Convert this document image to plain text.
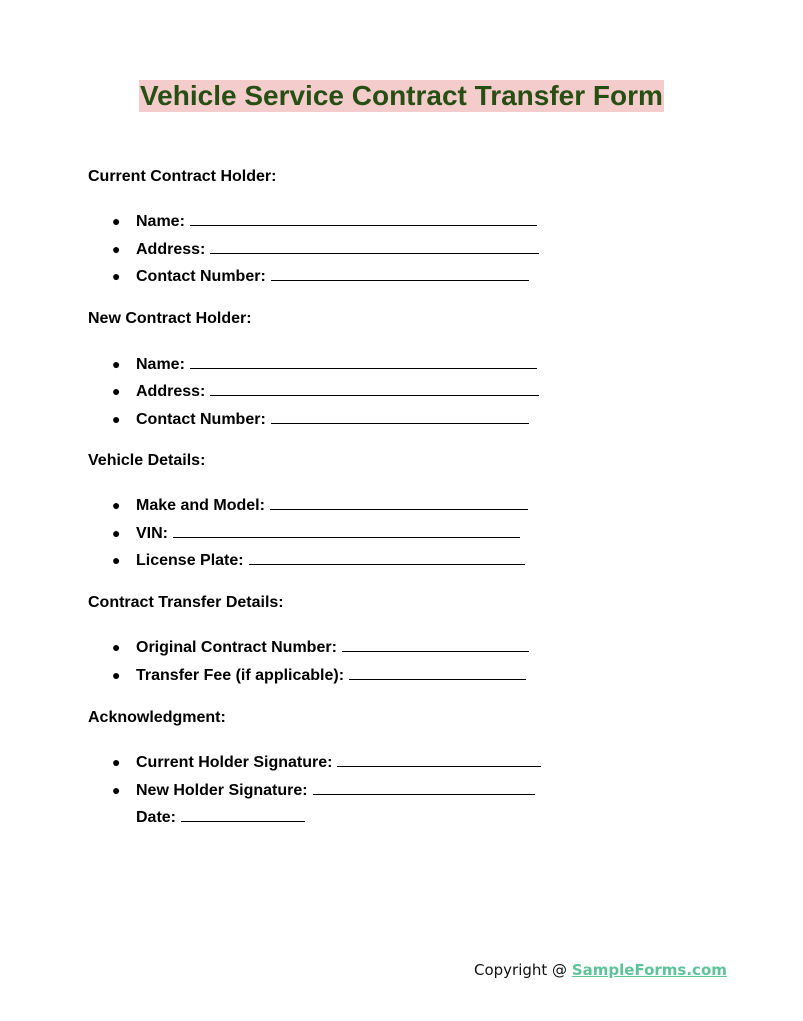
Vehicle Service Contract Transfer Form
Current Contract Holder:
● Name:
● Address:
● Contact Number:
New Contract Holder:
● Name:
● Address:
● Contact Number:
Vehicle Details:
● Make and Model:
● VIN:
● License Plate:
Contract Transfer Details:
● Original Contract Number:
● Transfer Fee (if applicable):
Acknowledgment:
● Current Holder Signature:
● New Holder Signature:
Date:
Copyright @ SampleForms.com
